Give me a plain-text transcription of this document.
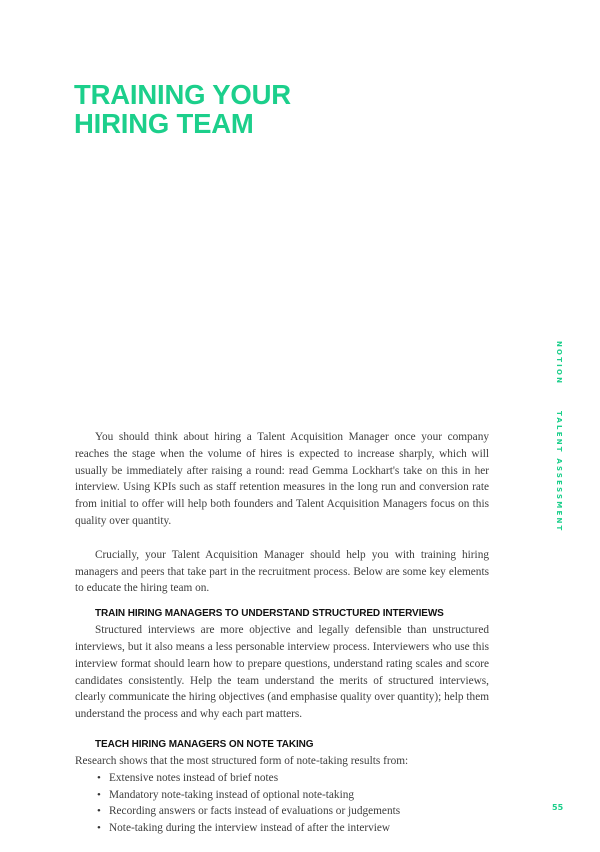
TRAINING YOUR
HIRING TEAM
NOTION
TALENT ASSESSMENT

You should think about hiring a Talent Acquisition Manager once your company reaches the stage when the volume of hires is expected to increase sharply, which will usually be immediately after raising a round: read Gemma Lockhart's take on this in her interview. Using KPIs such as staff retention measures in the long run and conversion rate from initial to offer will help both founders and Talent Acquisition Managers focus on this quality over quantity.

Crucially, your Talent Acquisition Manager should help you with training hiring managers and peers that take part in the recruitment process. Below are some key elements to educate the hiring team on.

TRAIN HIRING MANAGERS TO UNDERSTAND STRUCTURED INTERVIEWS

Structured interviews are more objective and legally defensible than unstructured interviews, but it also means a less personable interview process. Interviewers who use this interview format should learn how to prepare questions, understand rating scales and score candidates consistently. Help the team understand the merits of structured interviews, clearly communicate the hiring objectives (and emphasise quality over quantity); help them understand the process and why each part matters.

TEACH HIRING MANAGERS ON NOTE TAKING

Research shows that the most structured form of note-taking results from:

• Extensive notes instead of brief notes
• Mandatory note-taking instead of optional note-taking
• Recording answers or facts instead of evaluations or judgements
• Note-taking during the interview instead of after the interview
55
